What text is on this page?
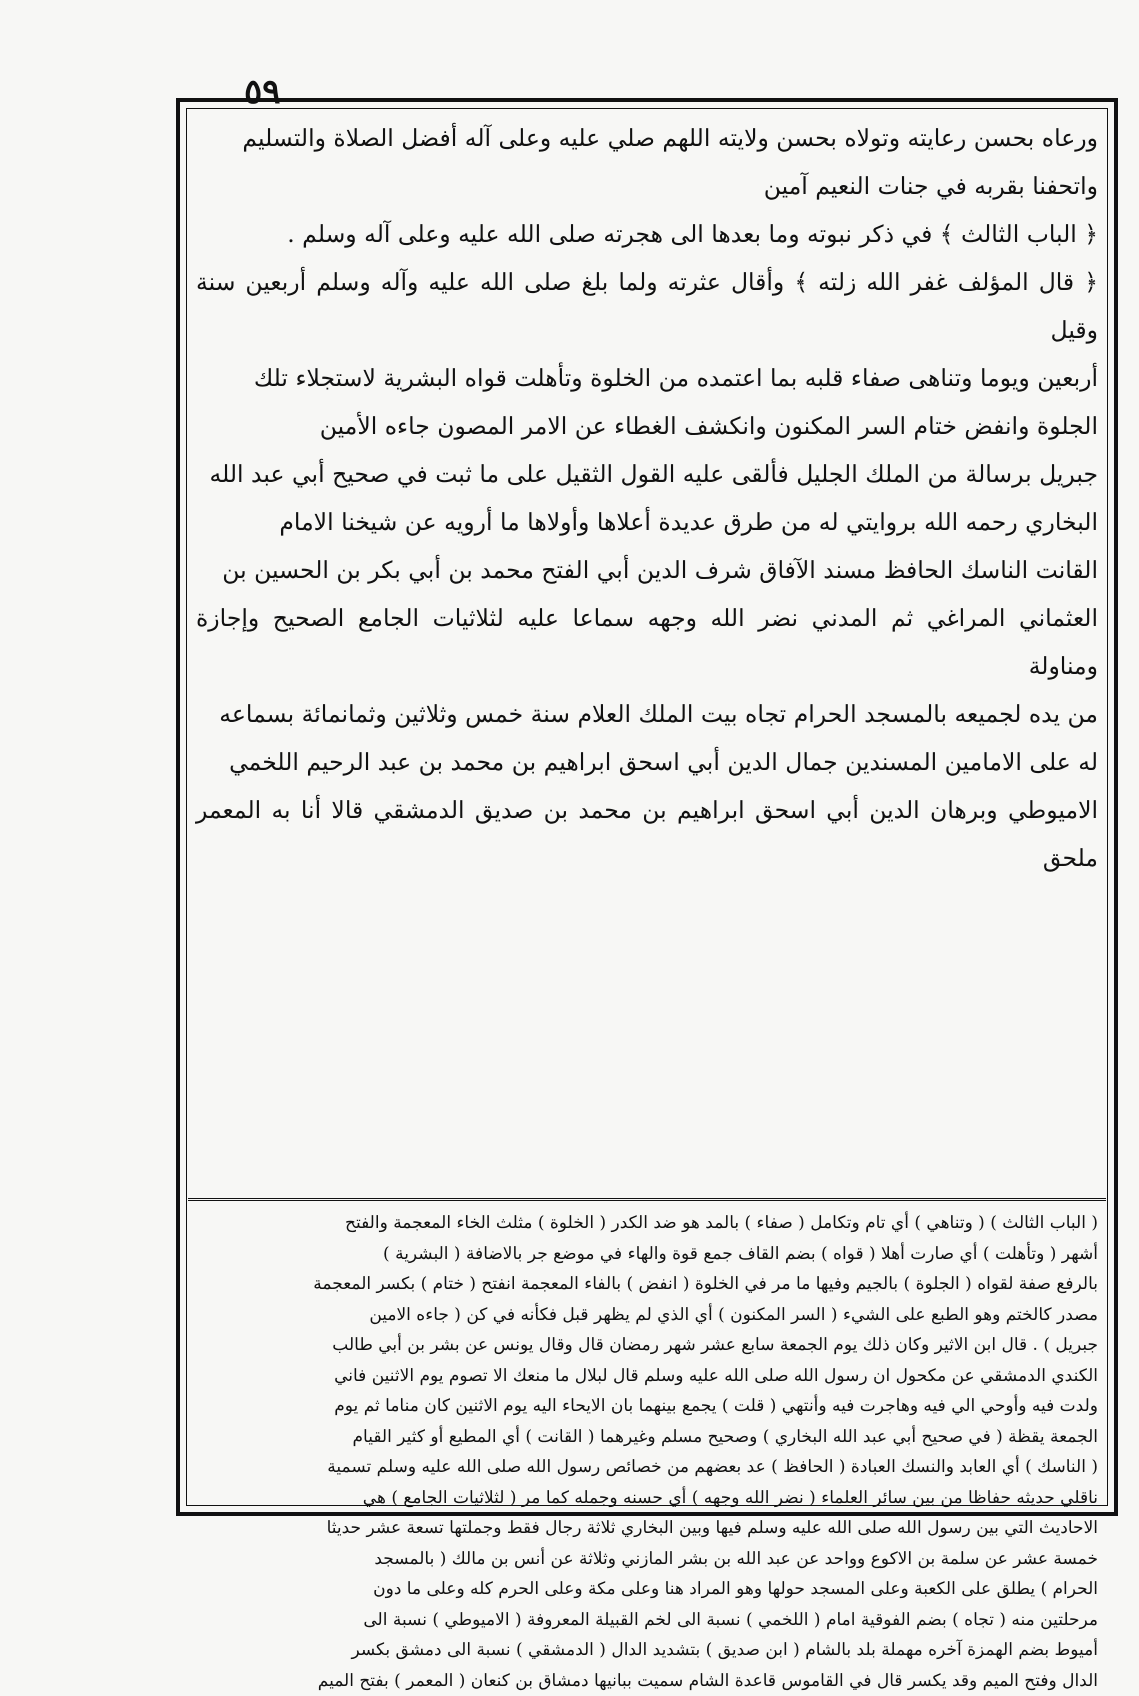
٥٩

ورعاه بحسن رعايته وتولاه بحسن ولايته اللهم صلي عليه وعلى آله أفضل الصلاة والتسليم

واتحفنا بقربه في جنات النعيم آمين

﴿ الباب الثالث ﴾ في ذكر نبوته وما بعدها الى هجرته صلى الله عليه وعلى آله وسلم .

﴿ قال المؤلف غفر الله زلته ﴾ وأقال عثرته ولما بلغ صلى الله عليه وآله وسلم أربعين سنة وقيل

أربعين ويوما وتناهى صفاء قلبه بما اعتمده من الخلوة وتأهلت قواه البشرية لاستجلاء تلك

الجلوة وانفض ختام السر المكنون وانكشف الغطاء عن الامر المصون جاءه الأمين

جبريل برسالة من الملك الجليل فألقى عليه القول الثقيل على ما ثبت في صحيح أبي عبد الله

البخاري رحمه الله بروايتي له من طرق عديدة أعلاها وأولاها ما أرويه عن شيخنا الامام

القانت الناسك الحافظ مسند الآفاق شرف الدين أبي الفتح محمد بن أبي بكر بن الحسين بن

العثماني المراغي ثم المدني نضر الله وجهه سماعا عليه لثلاثيات الجامع الصحيح وإجازة ومناولة

من يده لجميعه بالمسجد الحرام تجاه بيت الملك العلام سنة خمس وثلاثين وثمانمائة بسماعه

له على الامامين المسندين جمال الدين أبي اسحق ابراهيم بن محمد بن عبد الرحيم اللخمي

الاميوطي وبرهان الدين أبي اسحق ابراهيم بن محمد بن صديق الدمشقي قالا أنا به المعمر ملحق

( الباب الثالث ) ( وتناهي ) أي تام وتكامل ( صفاء ) بالمد هو ضد الكدر ( الخلوة ) مثلث الخاء المعجمة والفتح

أشهر ( وتأهلت ) أي صارت أهلا ( قواه ) بضم القاف جمع قوة والهاء في موضع جر بالاضافة ( البشرية )

بالرفع صفة لقواه ( الجلوة ) بالجيم وفيها ما مر في الخلوة ( انفض ) بالفاء المعجمة انفتح ( ختام ) بكسر المعجمة

مصدر كالختم وهو الطبع على الشيء ( السر المكنون ) أي الذي لم يظهر قبل فكأنه في كن ( جاءه الامين

جبريل ) . قال ابن الاثير وكان ذلك يوم الجمعة سابع عشر شهر رمضان قال وقال يونس عن بشر بن أبي طالب

الكندي الدمشقي عن مكحول ان رسول الله صلى الله عليه وسلم قال لبلال ما منعك الا تصوم يوم الاثنين فاني

ولدت فيه وأوحي الي فيه وهاجرت فيه وأنتهي ( قلت ) يجمع بينهما بان الايحاء اليه يوم الاثنين كان مناما ثم يوم

الجمعة يقظة ( في صحيح أبي عبد الله البخاري ) وصحيح مسلم وغيرهما ( القانت ) أي المطيع أو كثير القيام

( الناسك ) أي العابد والنسك العبادة ( الحافظ ) عد بعضهم من خصائص رسول الله صلى الله عليه وسلم تسمية

ناقلي حديثه حفاظا من بين سائر العلماء ( نضر الله وجهه ) أي حسنه وجمله كما مر ( لثلاثيات الجامع ) هي

الاحاديث التي بين رسول الله صلى الله عليه وسلم فيها وبين البخاري ثلاثة رجال فقط وجملتها تسعة عشر حديثا

خمسة عشر عن سلمة بن الاكوع وواحد عن عبد الله بن بشر المازني وثلاثة عن أنس بن مالك ( بالمسجد

الحرام ) يطلق على الكعبة وعلى المسجد حولها وهو المراد هنا وعلى مكة وعلى الحرم كله وعلى ما دون

مرحلتين منه ( تجاه ) بضم الفوقية امام ( اللخمي ) نسبة الى لخم القبيلة المعروفة ( الاميوطي ) نسبة الى

أميوط بضم الهمزة آخره مهملة بلد بالشام ( ابن صديق ) بتشديد الدال ( الدمشقي ) نسبة الى دمشق بكسر

الدال وفتح الميم وقد يكسر قال في القاموس قاعدة الشام سميت ببانيها دمشاق بن كنعان ( المعمر ) بفتح الميم
